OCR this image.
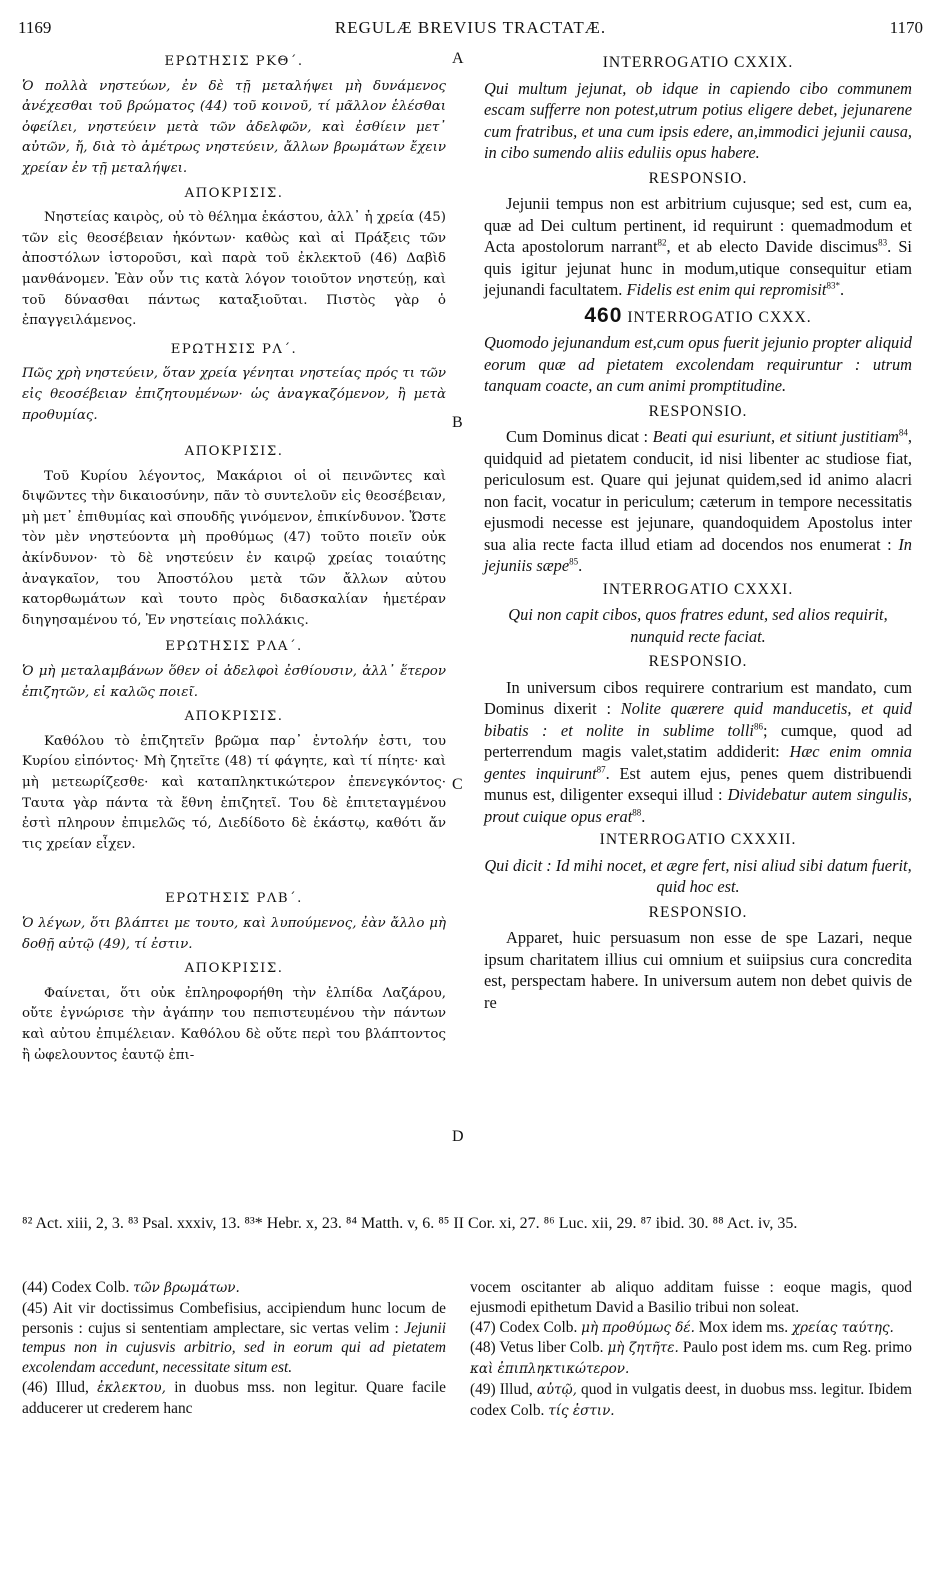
1169	REGULÆ BREVIUS TRACTATÆ.	1170
A
B
C
D
ΕΡΩΤΗΣΙΣ ΡΚΘ΄.

Ὁ πολλὰ νηστεύων, ἐν δὲ τῇ μεταλήψει μὴ δυνάμενος ἀνέχεσθαι τοῦ βρώματος (44) τοῦ κοινοῦ, τί μᾶλλον ἑλέσθαι ὀφείλει, νηστεύειν μετὰ τῶν ἀδελφῶν, καὶ ἐσθίειν μετ᾽ αὐτῶν, ἤ, διὰ τὸ ἀμέτρως νηστεύειν, ἄλλων βρωμάτων ἔχειν χρείαν ἐν τῇ μεταλήψει.

ΑΠΟΚΡΙΣΙΣ.

Νηστείας καιρὸς, οὐ τὸ θέλημα ἑκάστου, ἀλλ᾽ ἡ χρεία (45) τῶν εἰς θεοσέβειαν ἡκόντων· καθὼς καὶ αἱ Πράξεις τῶν ἀποστόλων ἱστοροῦσι, καὶ παρὰ τοῦ ἐκλεκτοῦ (46) Δαβὶδ μανθάνομεν. Ἐὰν οὖν τις κατὰ λόγον τοιοῦτον νηστεύῃ, καὶ τοῦ δύνασθαι πάντως καταξιοῦται. Πιστὸς γὰρ ὁ ἐπαγγειλάμενος.

ΕΡΩΤΗΣΙΣ ΡΛ΄.

Πῶς χρὴ νηστεύειν, ὅταν χρεία γένηται νηστείας πρός τι τῶν εἰς θεοσέβειαν ἐπιζητουμένων· ὡς ἀναγκαζόμενον, ἢ μετὰ προθυμίας.

ΑΠΟΚΡΙΣΙΣ.

Τοῦ Κυρίου λέγοντος, Μακάριοι οἱ οἱ πεινῶντες καὶ διψῶντες τὴν δικαιοσύνην, πᾶν τὸ συντελοῦν εἰς θεοσέβειαν, μὴ μετ᾽ ἐπιθυμίας καὶ σπουδῆς γινόμενον, ἐπικίνδυνον. Ὥστε τὸν μὲν νηστεύοντα μὴ προθύμως (47) τοῦτο ποιεῖν οὐκ ἀκίνδυνον· τὸ δὲ νηστεύειν ἐν καιρῷ χρείας τοιαύτης ἀναγκαῖον, του Ἀποστόλου μετὰ τῶν ἄλλων αὐτου κατορθωμάτων καὶ τουτο πρὸς διδασκαλίαν ἡμετέραν διηγησαμένου τό, Ἐν νηστείαις πολλάκις.

ΕΡΩΤΗΣΙΣ ΡΛΑ΄.

Ὁ μὴ μεταλαμβάνων ὅθεν οἱ ἀδελφοὶ ἐσθίουσιν, ἀλλ᾽ ἕτερον ἐπιζητῶν, εἰ καλῶς ποιεῖ.

ΑΠΟΚΡΙΣΙΣ.

Καθόλου τὸ ἐπιζητεῖν βρῶμα παρ᾽ ἐντολήν ἐστι, του Κυρίου εἰπόντος· Μὴ ζητεῖτε (48) τί φάγητε, καὶ τί πίητε· καὶ μὴ μετεωρίζεσθε· καὶ καταπληκτικώτερον ἐπενεγκόντος· Ταυτα γὰρ πάντα τὰ ἔθνη ἐπιζητεῖ. Του δὲ ἐπιτεταγμένου ἐστὶ πληρουν ἐπιμελῶς τό, Διεδίδοτο δὲ ἑκάστῳ, καθότι ἄν τις χρείαν εἶχεν.

ΕΡΩΤΗΣΙΣ ΡΛΒ΄.

Ὁ λέγων, ὅτι βλάπτει με τουτο, καὶ λυπούμενος, ἐὰν ἄλλο μὴ δοθῇ αὐτῷ (49), τί ἐστιν.

ΑΠΟΚΡΙΣΙΣ.

Φαίνεται, ὅτι οὐκ ἐπληροφορήθη τὴν ἐλπίδα Λαζάρου, οὔτε ἐγνώρισε τὴν ἀγάπην του πεπιστευμένου τὴν πάντων καὶ αὐτου ἐπιμέλειαν. Καθόλου δὲ οὔτε περὶ του βλάπτοντος ἢ ὠφελουντος ἑαυτῷ ἐπι-

INTERROGATIO CXXIX.

Qui multum jejunat, ob idque in capiendo cibo communem escam sufferre non potest,utrum potius eligere debet, jejunarene cum fratribus, et una cum ipsis edere, an,immodici jejunii causa, in cibo sumendo aliis eduliis opus habere.

RESPONSIO.

Jejunii tempus non est arbitrium cujusque; sed est, cum ea, quæ ad Dei cultum pertinent, id requirunt : quemadmodum et Acta apostolorum narrant$^{82}$, et ab electo Davide discimus$^{83}$. Si quis igitur jejunat hunc in modum,utique consequitur etiam jejunandi facultatem. Fidelis est enim qui repromisit$^{83*}$.

460 INTERROGATIO CXXX.

Quomodo jejunandum est,cum opus fuerit jejunio propter aliquid eorum quæ ad pietatem excolendam requiruntur : utrum tanquam coacte, an cum animi promptitudine.

RESPONSIO.

Cum Dominus dicat : Beati qui esuriunt, et sitiunt justitiam$^{84}$, quidquid ad pietatem conducit, id nisi libenter ac studiose fiat, periculosum est. Quare qui jejunat quidem,sed id animo alacri non facit, vocatur in periculum; cæterum in tempore necessitatis ejusmodi necesse est jejunare, quandoquidem Apostolus inter sua alia recte facta illud etiam ad docendos nos enumerat : In jejuniis sæpe$^{85}$.

INTERROGATIO CXXXI.

Qui non capit cibos, quos fratres edunt, sed alios requirit, nunquid recte faciat.

RESPONSIO.

In universum cibos requirere contrarium est mandato, cum Dominus dixerit : Nolite quærere quid manducetis, et quid bibatis : et nolite in sublime tolli$^{86}$; cumque, quod ad perterrendum magis valet,statim addiderit: Hæc enim omnia gentes inquirunt$^{87}$. Est autem ejus, penes quem distribuendi munus est, diligenter exsequi illud : Dividebatur autem singulis, prout cuique opus erat$^{88}$.

INTERROGATIO CXXXII.

Qui dicit : Id mihi nocet, et ægre fert, nisi aliud sibi datum fuerit, quid hoc est.

RESPONSIO.

Apparet, huic persuasum non esse de spe Lazari, neque ipsum charitatem illius cui omnium et suiipsius cura concredita est, perspectam habere. In universum autem non debet quivis de re

⁸² Act. xiii, 2, 3. ⁸³ Psal. xxxiv, 13. ⁸³* Hebr. x, 23. ⁸⁴ Matth. v, 6. ⁸⁵ II Cor. xi, 27. ⁸⁶ Luc. xii, 29. ⁸⁷ ibid. 30. ⁸⁸ Act. iv, 35.

(44) Codex Colb. τῶν βρωμάτων.

(45) Ait vir doctissimus Combefisius, accipiendum hunc locum de personis : cujus si sententiam amplectare, sic vertas velim : Jejunii tempus non in cujusvis arbitrio, sed in eorum qui ad pietatem excolendam accedunt, necessitate situm est.

(46) Illud, ἐκλεκτου, in duobus mss. non legitur. Quare facile adducerer ut crederem hanc

vocem oscitanter ab aliquo additam fuisse : eoque magis, quod ejusmodi epithetum David a Basilio tribui non soleat.

(47) Codex Colb. μὴ προθύμως δέ. Mox idem ms. χρείας ταύτης.

(48) Vetus liber Colb. μὴ ζητῆτε. Paulo post idem ms. cum Reg. primo καὶ ἐπιπληκτικώτερον.

(49) Illud, αὐτῷ, quod in vulgatis deest, in duobus mss. legitur. Ibidem codex Colb. τίς ἐστιν.
